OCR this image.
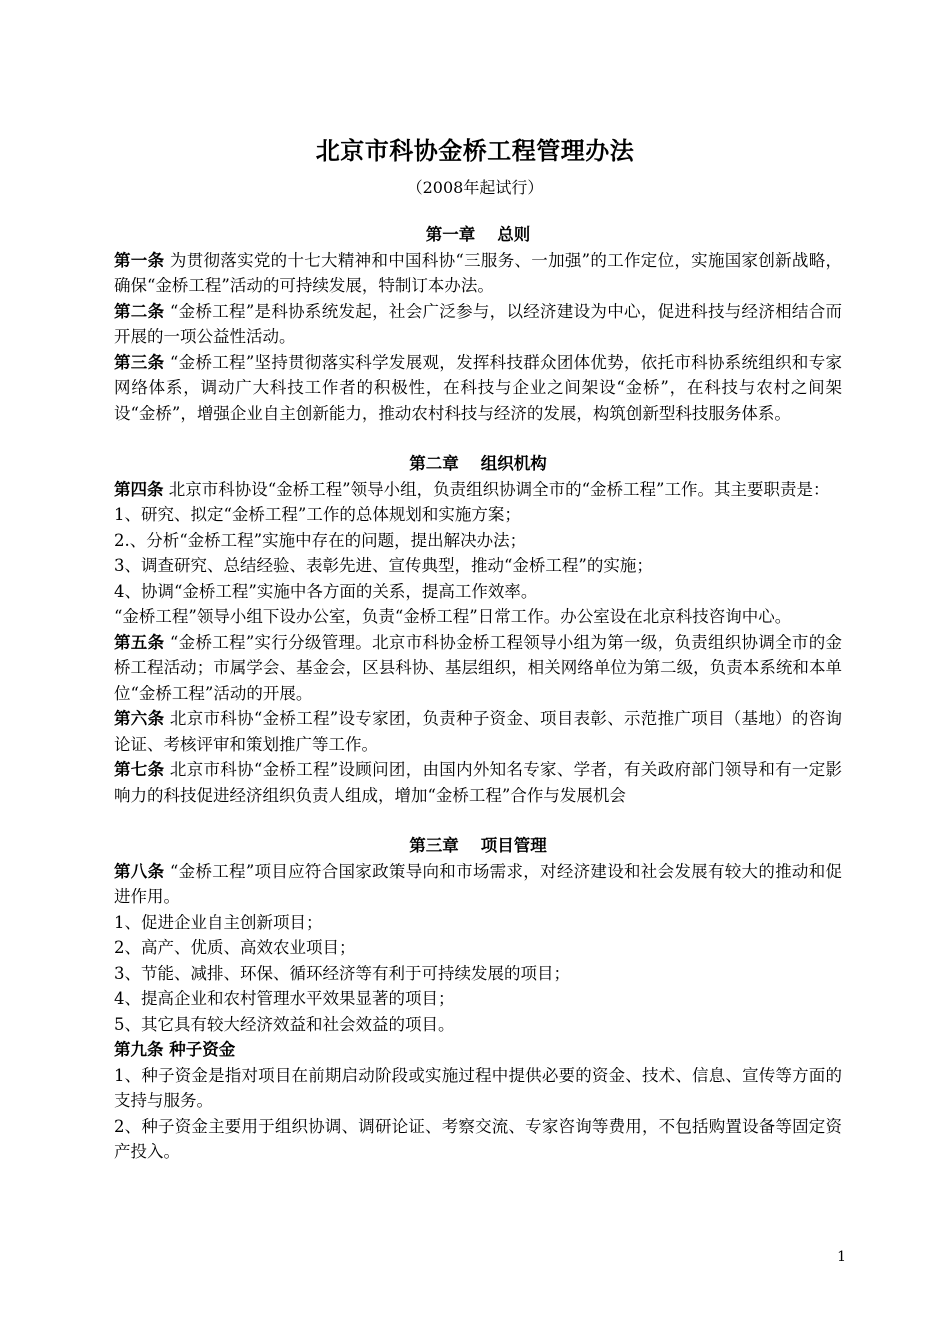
北京市科协金桥工程管理办法
（2008年起试行）
第一章 总则

第一条 为贯彻落实党的十七大精神和中国科协“三服务、一加强”的工作定位，实施国家创新战略，确保“金桥工程”活动的可持续发展，特制订本办法。

第二条 “金桥工程”是科协系统发起，社会广泛参与，以经济建设为中心，促进科技与经济相结合而开展的一项公益性活动。

第三条 “金桥工程”坚持贯彻落实科学发展观，发挥科技群众团体优势，依托市科协系统组织和专家网络体系，调动广大科技工作者的积极性，在科技与企业之间架设“金桥”，在科技与农村之间架设“金桥”，增强企业自主创新能力，推动农村科技与经济的发展，构筑创新型科技服务体系。

第二章 组织机构

第四条 北京市科协设“金桥工程”领导小组，负责组织协调全市的“金桥工程”工作。其主要职责是：

1、研究、拟定“金桥工程”工作的总体规划和实施方案；

2.、分析“金桥工程”实施中存在的问题，提出解决办法；

3、调查研究、总结经验、表彰先进、宣传典型，推动“金桥工程”的实施；

4、协调“金桥工程”实施中各方面的关系，提高工作效率。

“金桥工程”领导小组下设办公室，负责“金桥工程”日常工作。办公室设在北京科技咨询中心。

第五条 “金桥工程”实行分级管理。北京市科协金桥工程领导小组为第一级，负责组织协调全市的金桥工程活动；市属学会、基金会，区县科协、基层组织，相关网络单位为第二级，负责本系统和本单位“金桥工程”活动的开展。

第六条 北京市科协“金桥工程”设专家团，负责种子资金、项目表彰、示范推广项目（基地）的咨询论证、考核评审和策划推广等工作。

第七条 北京市科协“金桥工程”设顾问团，由国内外知名专家、学者，有关政府部门领导和有一定影响力的科技促进经济组织负责人组成，增加“金桥工程”合作与发展机会

第三章 项目管理

第八条 “金桥工程”项目应符合国家政策导向和市场需求，对经济建设和社会发展有较大的推动和促进作用。

1、促进企业自主创新项目；

2、高产、优质、高效农业项目；

3、节能、减排、环保、循环经济等有利于可持续发展的项目；

4、提高企业和农村管理水平效果显著的项目；

5、其它具有较大经济效益和社会效益的项目。

第九条 种子资金

1、种子资金是指对项目在前期启动阶段或实施过程中提供必要的资金、技术、信息、宣传等方面的支持与服务。

2、种子资金主要用于组织协调、调研论证、考察交流、专家咨询等费用，不包括购置设备等固定资产投入。

1
